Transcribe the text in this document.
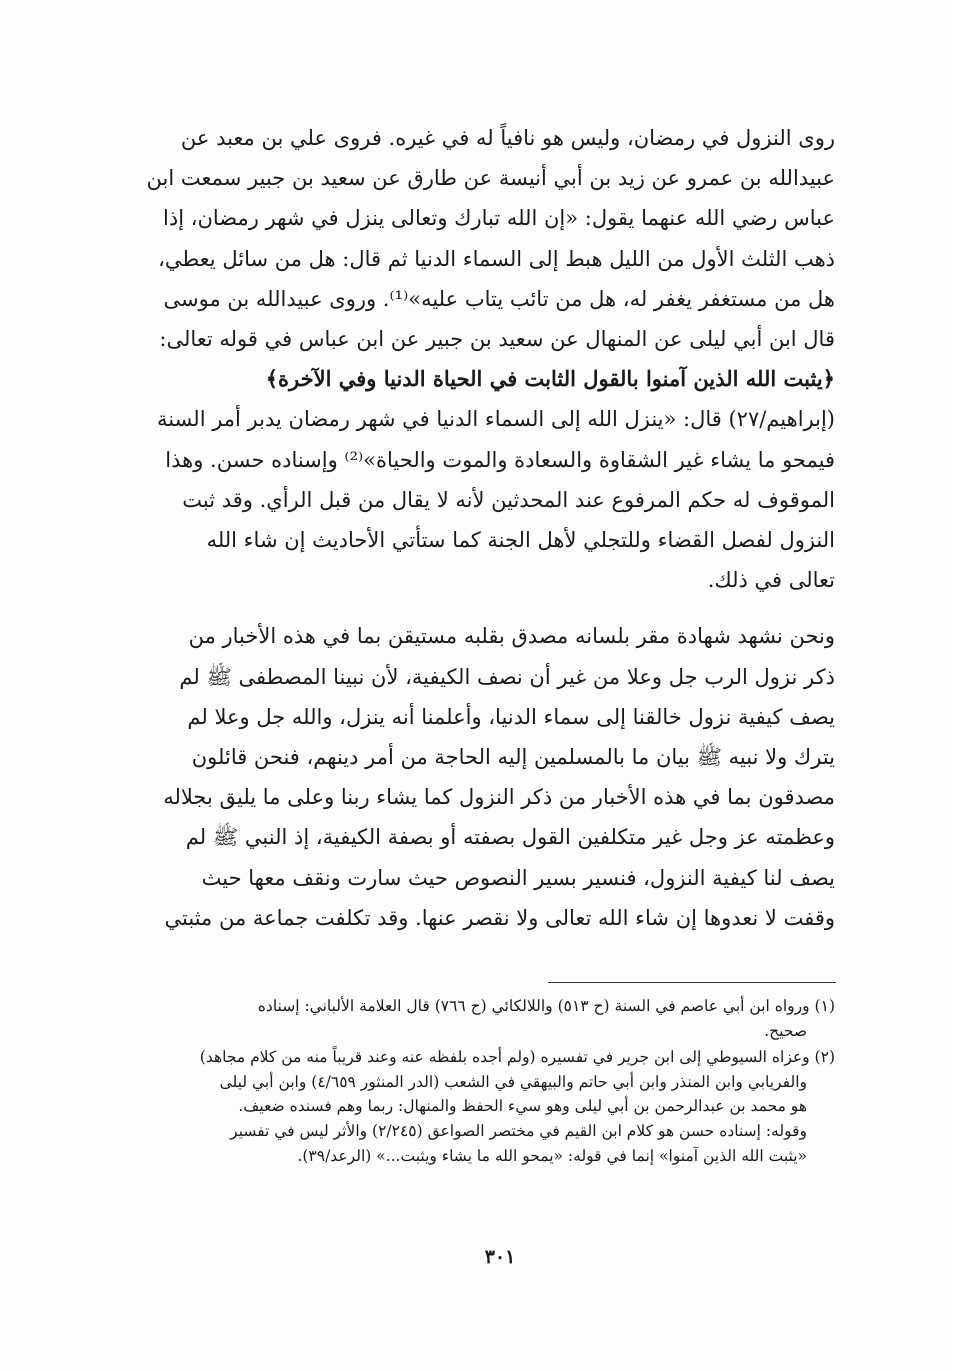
روى النزول في رمضان، وليس هو نافياً له في غيره. فروى علي بن معبد عن
عبيدالله بن عمرو عن زيد بن أبي أنيسة عن طارق عن سعيد بن جبير سمعت ابن
عباس رضي الله عنهما يقول: «إن الله تبارك وتعالى ينزل في شهر رمضان، إذا
ذهب الثلث الأول من الليل هبط إلى السماء الدنيا ثم قال: هل من سائل يعطي،
هل من مستغفر يغفر له، هل من تائب يتاب عليه»⁽¹⁾. وروى عبيدالله بن موسى
قال ابن أبي ليلى عن المنهال عن سعيد بن جبير عن ابن عباس في قوله تعالى:
﴿يثبت الله الذين آمنوا بالقول الثابت في الحياة الدنيا وفي الآخرة﴾
(إبراهيم/٢٧) قال: «ينزل الله إلى السماء الدنيا في شهر رمضان يدبر أمر السنة
فيمحو ما يشاء غير الشقاوة والسعادة والموت والحياة»⁽²⁾ وإسناده حسن. وهذا
الموقوف له حكم المرفوع عند المحدثين لأنه لا يقال من قبل الرأي. وقد ثبت
النزول لفصل القضاء وللتجلي لأهل الجنة كما ستأتي الأحاديث إن شاء الله
تعالى في ذلك.
ونحن نشهد شهادة مقر بلسانه مصدق بقلبه مستيقن بما في هذه الأخبار من
ذكر نزول الرب جل وعلا من غير أن نصف الكيفية، لأن نبينا المصطفى ﷺ لم
يصف كيفية نزول خالقنا إلى سماء الدنيا، وأعلمنا أنه ينزل، والله جل وعلا لم
يترك ولا نبيه ﷺ بيان ما بالمسلمين إليه الحاجة من أمر دينهم، فنحن قائلون
مصدقون بما في هذه الأخبار من ذكر النزول كما يشاء ربنا وعلى ما يليق بجلاله
وعظمته عز وجل غير متكلفين القول بصفته أو بصفة الكيفية، إذ النبي ﷺ لم
يصف لنا كيفية النزول، فنسير بسير النصوص حيث سارت ونقف معها حيث
وقفت لا نعدوها إن شاء الله تعالى ولا نقصر عنها. وقد تكلفت جماعة من مثبتي
(١) ورواه ابن أبي عاصم في السنة (ح ٥١٣) واللالكائي (ح ٧٦٦) قال العلامة الألباني: إسناده
صحيح.
(٢) وعزاه السيوطي إلى ابن جرير في تفسيره (ولم أجده بلفظه عنه وعند قريباً منه من كلام مجاهد)
والفريابي وابن المنذر وابن أبي حاتم والبيهقي في الشعب (الدر المنثور ٤/٦٥٩) وابن أبي ليلى
هو محمد بن عبدالرحمن بن أبي ليلى وهو سيء الحفظ والمنهال: ربما وهم فسنده ضعيف.
وقوله: إسناده حسن هو كلام ابن القيم في مختصر الصواعق (٢/٢٤٥) والأثر ليس في تفسير
«يثبت الله الذين آمنوا» إنما في قوله: «يمحو الله ما يشاء ويثبت...» (الرعد/٣٩).
٣٠١
